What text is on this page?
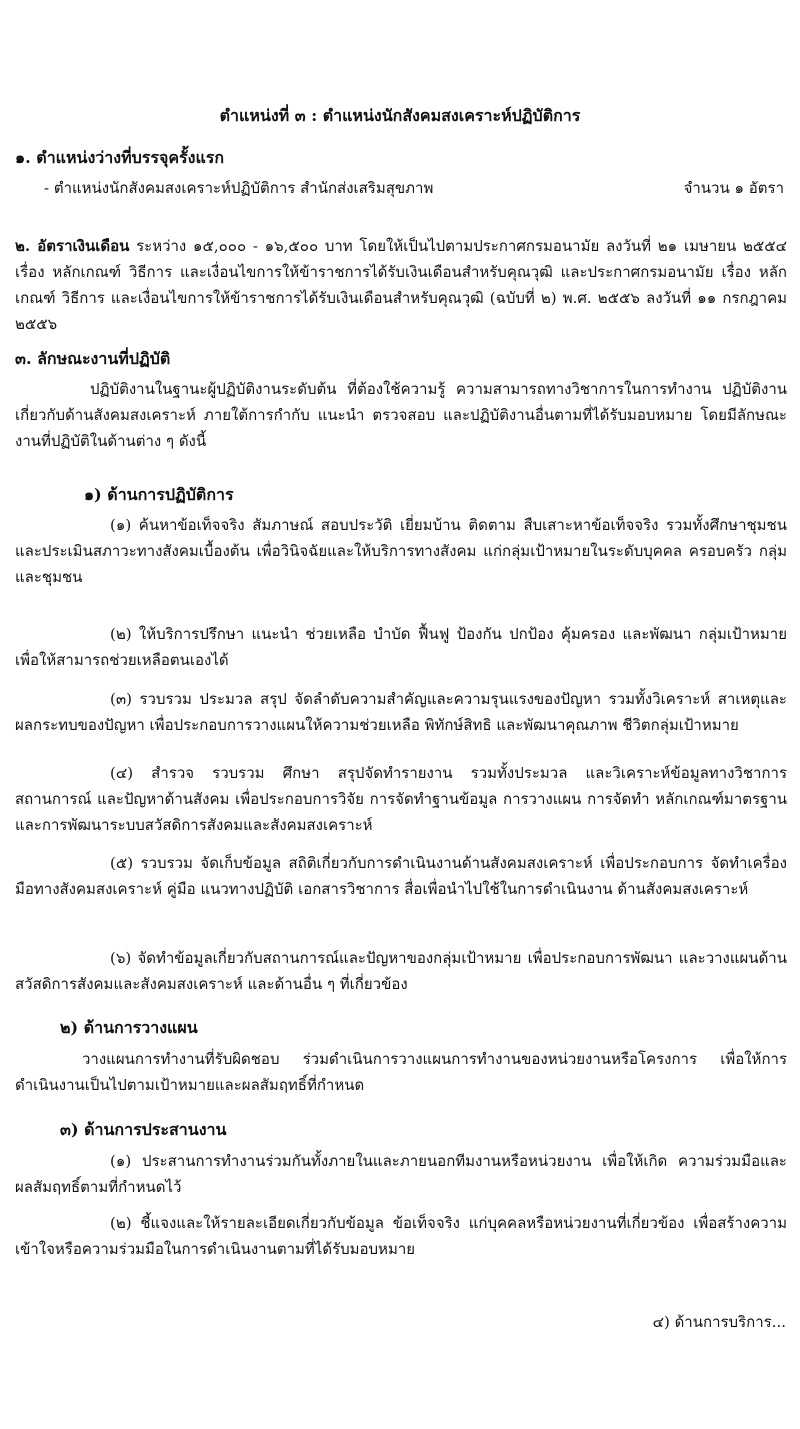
ตำแหน่งที่ ๓ : ตำแหน่งนักสังคมสงเคราะห์ปฏิบัติการ
๑. ตำแหน่งว่างที่บรรจุครั้งแรก
- ตำแหน่งนักสังคมสงเคราะห์ปฏิบัติการ สำนักส่งเสริมสุขภาพ	จำนวน ๑ อัตรา
๒. อัตราเงินเดือน ระหว่าง ๑๕,๐๐๐ - ๑๖,๕๐๐ บาท โดยให้เป็นไปตามประกาศกรมอนามัย ลงวันที่ ๒๑ เมษายน ๒๕๕๔ เรื่อง หลักเกณฑ์ วิธีการ และเงื่อนไขการให้ข้าราชการได้รับเงินเดือนสำหรับคุณวุฒิ และประกาศกรมอนามัย เรื่อง หลักเกณฑ์ วิธีการ และเงื่อนไขการให้ข้าราชการได้รับเงินเดือนสำหรับคุณวุฒิ (ฉบับที่ ๒) พ.ศ. ๒๕๕๖ ลงวันที่ ๑๑ กรกฎาคม ๒๕๕๖
๓. ลักษณะงานที่ปฏิบัติ
ปฏิบัติงานในฐานะผู้ปฏิบัติงานระดับต้น ที่ต้องใช้ความรู้ ความสามารถทางวิชาการในการทำงาน ปฏิบัติงานเกี่ยวกับด้านสังคมสงเคราะห์ ภายใต้การกำกับ แนะนำ ตรวจสอบ และปฏิบัติงานอื่นตามที่ได้รับมอบหมาย โดยมีลักษณะงานที่ปฏิบัติในด้านต่าง ๆ ดังนี้
๑) ด้านการปฏิบัติการ
(๑) ค้นหาข้อเท็จจริง สัมภาษณ์ สอบประวัติ เยี่ยมบ้าน ติดตาม สืบเสาะหาข้อเท็จจริง รวมทั้งศึกษาชุมชน และประเมินสภาวะทางสังคมเบื้องต้น เพื่อวินิจฉัยและให้บริการทางสังคม แก่กลุ่มเป้าหมายในระดับบุคคล ครอบครัว กลุ่ม และชุมชน
(๒) ให้บริการปรึกษา แนะนำ ช่วยเหลือ บำบัด ฟื้นฟู ป้องกัน ปกป้อง คุ้มครอง และพัฒนา กลุ่มเป้าหมาย เพื่อให้สามารถช่วยเหลือตนเองได้
(๓) รวบรวม ประมวล สรุป จัดลำดับความสำคัญและความรุนแรงของปัญหา รวมทั้งวิเคราะห์ สาเหตุและผลกระทบของปัญหา เพื่อประกอบการวางแผนให้ความช่วยเหลือ พิทักษ์สิทธิ และพัฒนาคุณภาพ ชีวิตกลุ่มเป้าหมาย
(๔) สำรวจ รวบรวม ศึกษา สรุปจัดทำรายงาน รวมทั้งประมวล และวิเคราะห์ข้อมูลทางวิชาการ สถานการณ์ และปัญหาด้านสังคม เพื่อประกอบการวิจัย การจัดทำฐานข้อมูล การวางแผน การจัดทำ หลักเกณฑ์มาตรฐาน และการพัฒนาระบบสวัสดิการสังคมและสังคมสงเคราะห์
(๕) รวบรวม จัดเก็บข้อมูล สถิติเกี่ยวกับการดำเนินงานด้านสังคมสงเคราะห์ เพื่อประกอบการ จัดทำเครื่องมือทางสังคมสงเคราะห์ คู่มือ แนวทางปฏิบัติ เอกสารวิชาการ สื่อเพื่อนำไปใช้ในการดำเนินงาน ด้านสังคมสงเคราะห์
(๖) จัดทำข้อมูลเกี่ยวกับสถานการณ์และปัญหาของกลุ่มเป้าหมาย เพื่อประกอบการพัฒนา และวางแผนด้านสวัสดิการสังคมและสังคมสงเคราะห์ และด้านอื่น ๆ ที่เกี่ยวข้อง
๒) ด้านการวางแผน
วางแผนการทำงานที่รับผิดชอบ ร่วมดำเนินการวางแผนการทำงานของหน่วยงานหรือโครงการ เพื่อให้การดำเนินงานเป็นไปตามเป้าหมายและผลสัมฤทธิ์ที่กำหนด
๓) ด้านการประสานงาน
(๑) ประสานการทำงานร่วมกันทั้งภายในและภายนอกทีมงานหรือหน่วยงาน เพื่อให้เกิด ความร่วมมือและผลสัมฤทธิ์ตามที่กำหนดไว้
(๒) ชี้แจงและให้รายละเอียดเกี่ยวกับข้อมูล ข้อเท็จจริง แก่บุคคลหรือหน่วยงานที่เกี่ยวข้อง เพื่อสร้างความเข้าใจหรือความร่วมมือในการดำเนินงานตามที่ได้รับมอบหมาย
๔) ด้านการบริการ...
